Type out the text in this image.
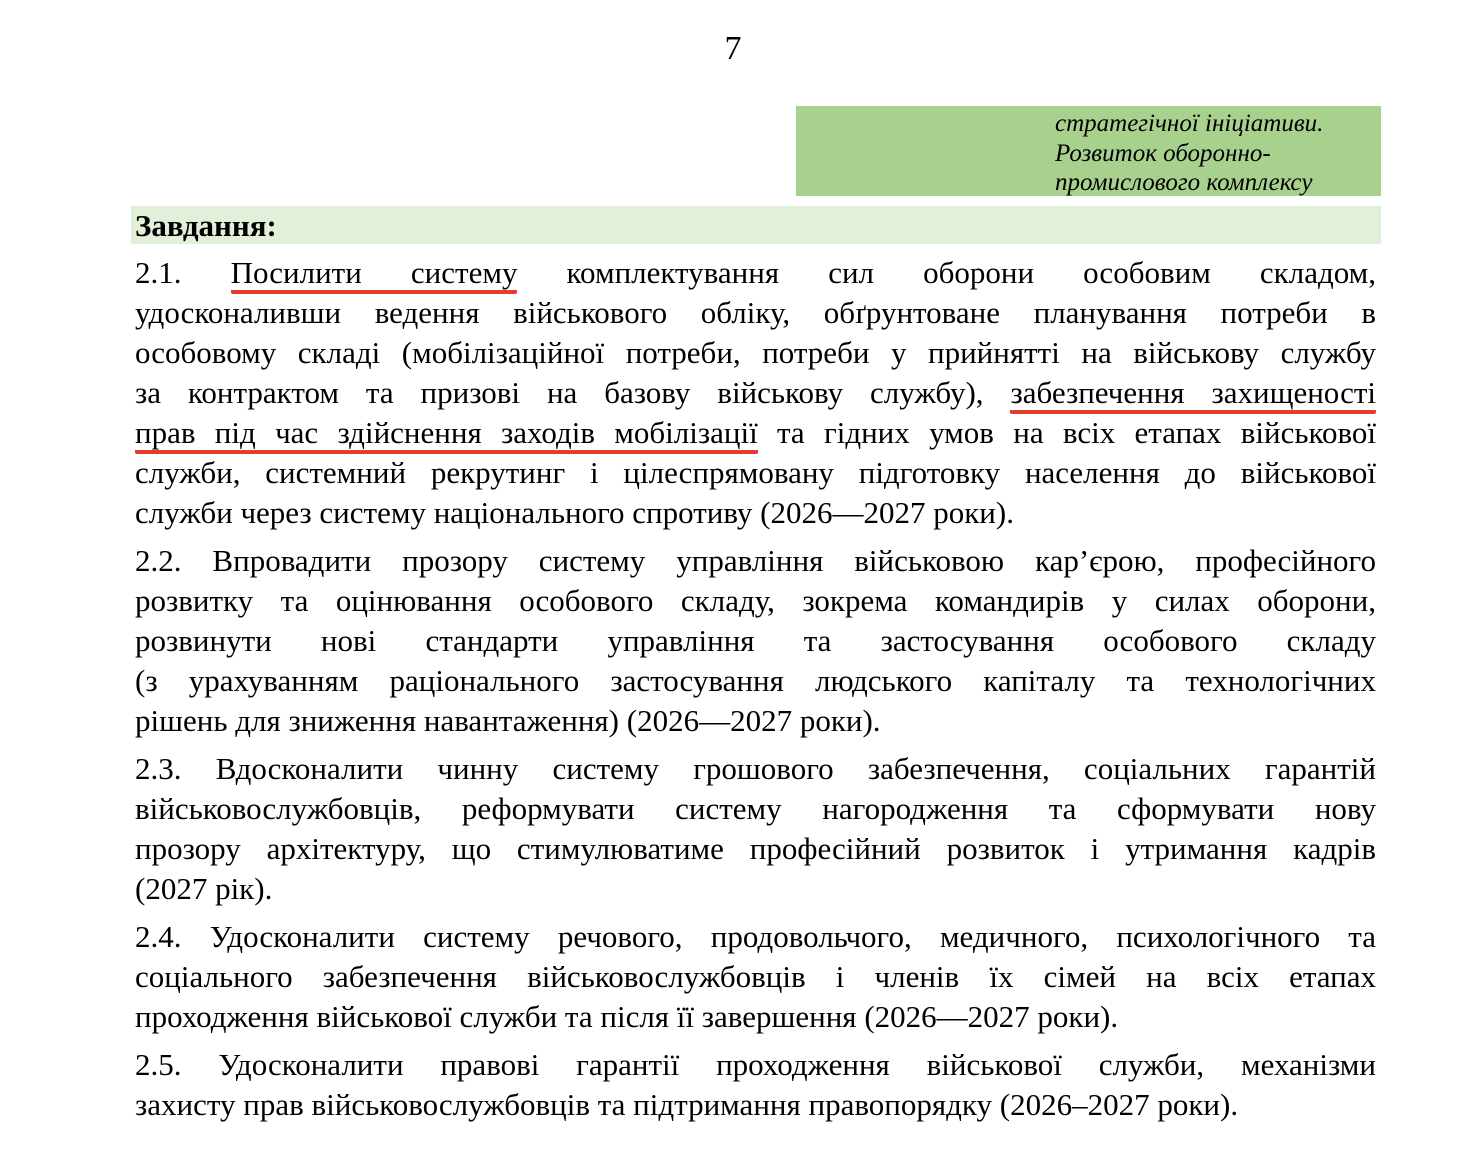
7
стратегічної ініціативи.
Розвиток оборонно-
промислового комплексу
Завдання:
2.1. Посилити систему комплектування сил оборони особовим складом,
удосконаливши ведення військового обліку, обґрунтоване планування потреби в
особовому складі (мобілізаційної потреби, потреби у прийнятті на військову службу
за контрактом та призові на базову військову службу), забезпечення захищеності
прав під час здійснення заходів мобілізації та гідних умов на всіх етапах військової
служби, системний рекрутинг і цілеспрямовану підготовку населення до військової
служби через систему національного спротиву (2026—2027 роки).
2.2. Впровадити прозору систему управління військовою кар’єрою, професійного
розвитку та оцінювання особового складу, зокрема командирів у силах оборони,
розвинути нові стандарти управління та застосування особового складу
(з урахуванням раціонального застосування людського капіталу та технологічних
рішень для зниження навантаження) (2026—2027 роки).
2.3. Вдосконалити чинну систему грошового забезпечення, соціальних гарантій
військовослужбовців, реформувати систему нагородження та сформувати нову
прозору архітектуру, що стимулюватиме професійний розвиток і утримання кадрів
(2027 рік).
2.4. Удосконалити систему речового, продовольчого, медичного, психологічного та
соціального забезпечення військовослужбовців і членів їх сімей на всіх етапах
проходження військової служби та після її завершення (2026—2027 роки).
2.5. Удосконалити правові гарантії проходження військової служби, механізми
захисту прав військовослужбовців та підтримання правопорядку (2026–2027 роки).
